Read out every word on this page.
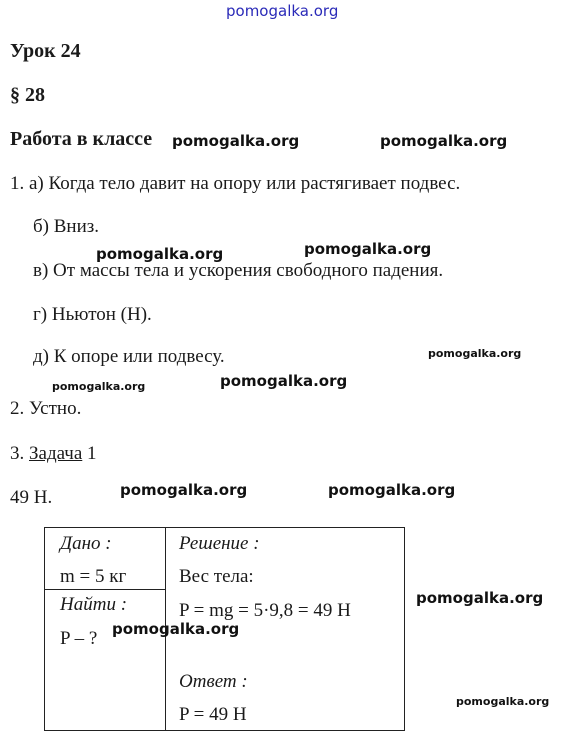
pomogalka.org
Урок 24
§ 28
Работа в классе pomogalka.org	pomogalka.org
1. а) Когда тело давит на опору или растягивает подвес.
б) Вниз.
pomogalka.org	pomogalka.org
в) От массы тела и ускорения свободного падения.
г) Ньютон (Н).
д) К опоре или подвесу.	pomogalka.org
pomogalka.org	pomogalka.org
2. Устно.
3. Задача 1
49 Н.	pomogalka.org	pomogalka.org
Дано :
m = 5 кг
Найти :
P – ?
Решение :
Вес тела:
P = mg = 5·9,8 = 49 Н
Ответ :
P = 49 Н
pomogalka.org
pomogalka.org
pomogalka.org
